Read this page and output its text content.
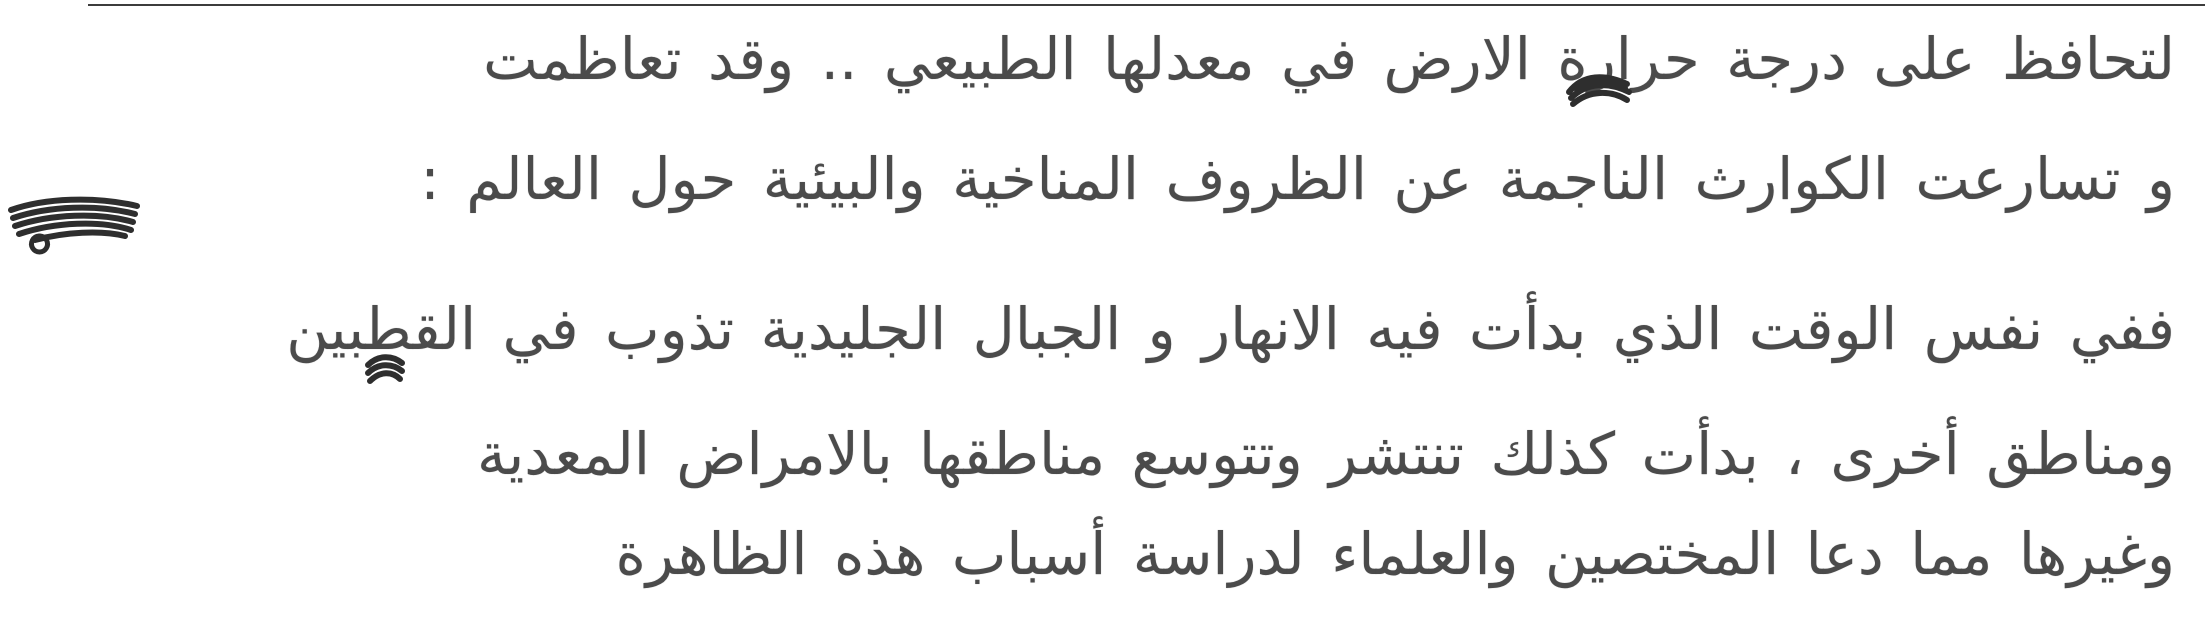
لتحافظ على درجة حرارة الارض في معدلها الطبيعي .. وقد تعاظمت
و تسارعت الكوارث الناجمة عن الظروف المناخية والبيئية حول العالم :
ففي نفس الوقت الذي بدأت فيه الانهار و الجبال الجليدية تذوب في القطبين
ومناطق أخرى ، بدأت كذلك تنتشر وتتوسع مناطقها بالامراض المعدية
وغيرها مما دعا المختصين والعلماء لدراسة أسباب هذه الظاهرة
